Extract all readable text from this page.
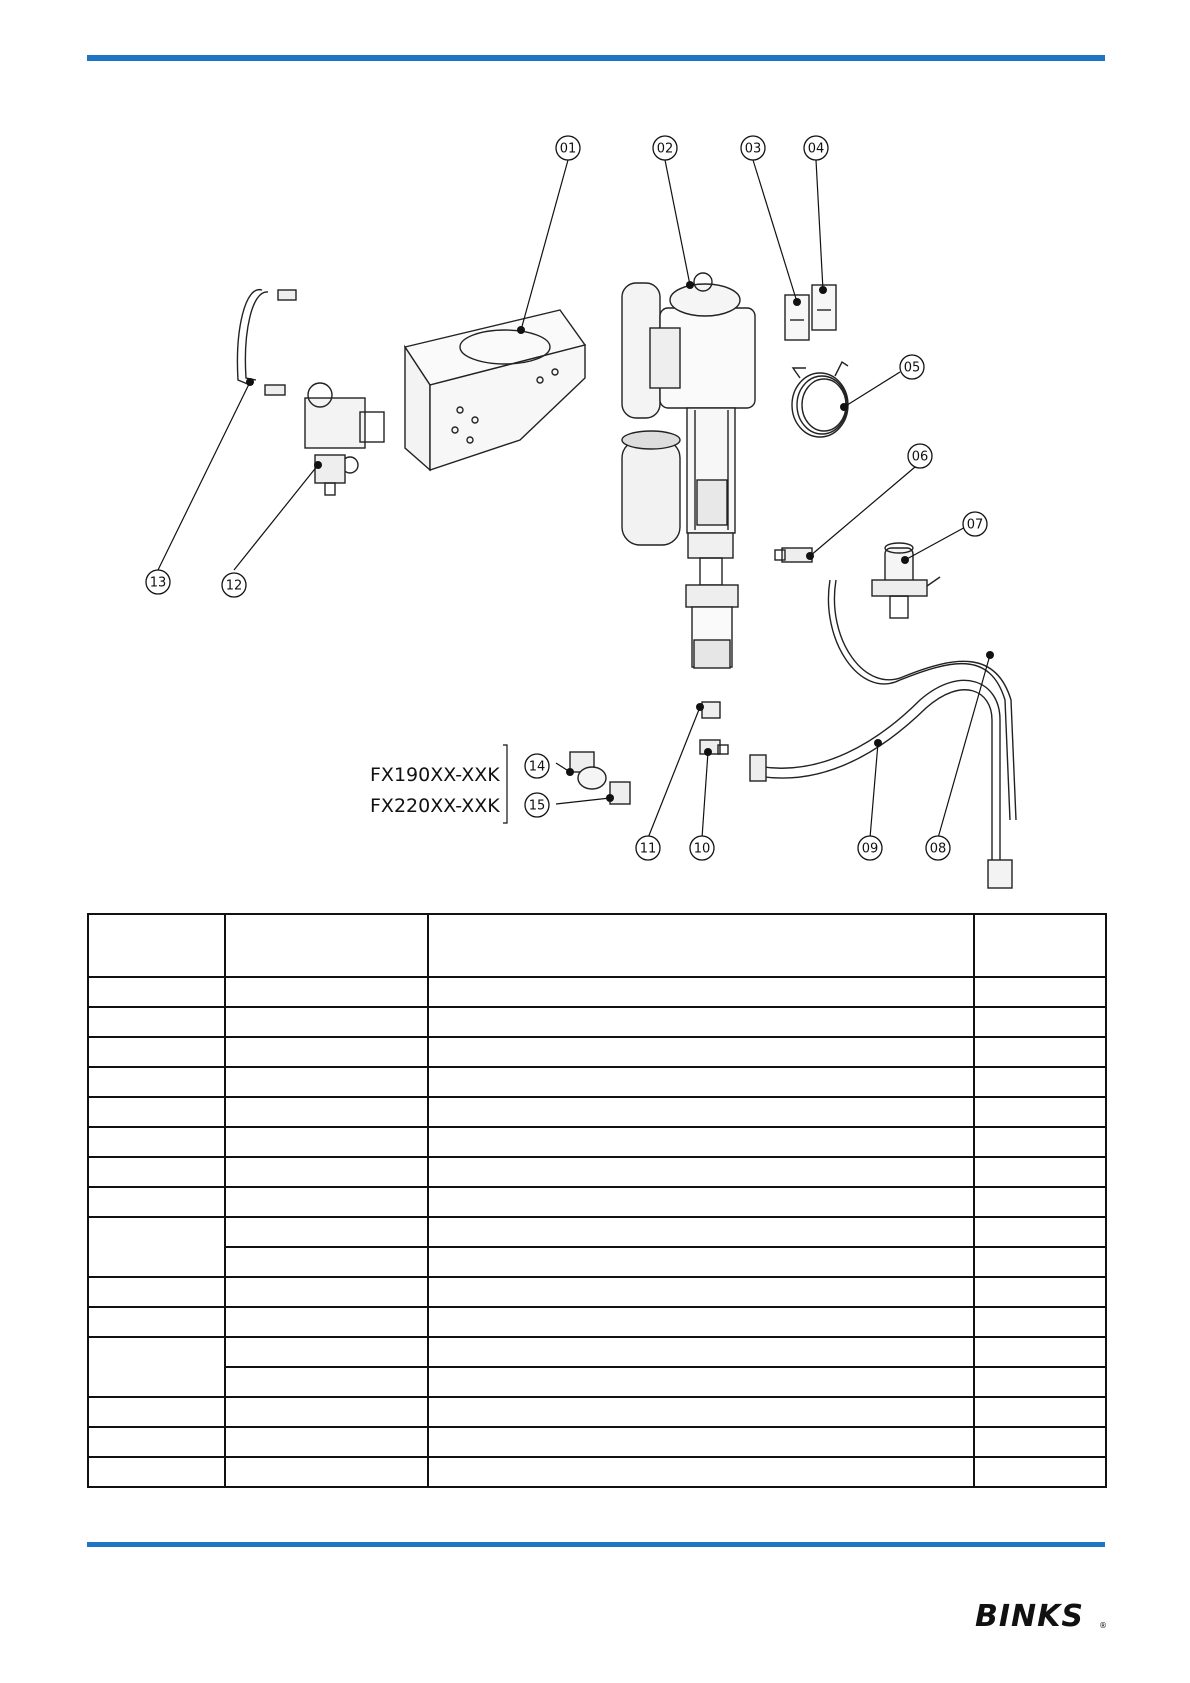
01	02	03	04
05
06
07
08
09
10
11
12
13
14
15
FX190XX-XXK
FX220XX-XXK

BINKS ®
